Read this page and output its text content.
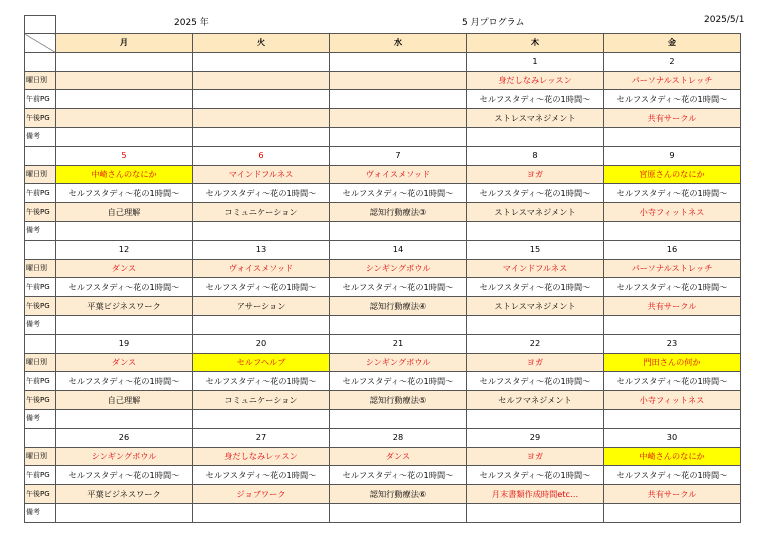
2025 年	5 月プログラム	2025/5/1

	月	火	水	木	金
				1	2
曜日別				身だしなみレッスン	パーソナルストレッチ
午前PG				セルフスタディ～花の1時間～	セルフスタディ～花の1時間～
午後PG				ストレスマネジメント	共有サークル
備考					
	5	6	7	8	9
曜日別	中崎さんのなにか	マインドフルネス	ヴォイスメソッド	ヨガ	宮原さんのなにか
午前PG	セルフスタディ～花の1時間～	セルフスタディ～花の1時間～	セルフスタディ～花の1時間～	セルフスタディ～花の1時間～	セルフスタディ～花の1時間～
午後PG	自己理解	コミュニケーション	認知行動療法③	ストレスマネジメント	小寺フィットネス
備考					
	12	13	14	15	16
曜日別	ダンス	ヴォイスメソッド	シンギングボウル	マインドフルネス	パーソナルストレッチ
午前PG	セルフスタディ～花の1時間～	セルフスタディ～花の1時間～	セルフスタディ～花の1時間～	セルフスタディ～花の1時間～	セルフスタディ～花の1時間～
午後PG	平葉ビジネスワーク	アサーション	認知行動療法④	ストレスマネジメント	共有サークル
備考					
	19	20	21	22	23
曜日別	ダンス	セルフヘルプ	シンギングボウル	ヨガ	門田さんの何か
午前PG	セルフスタディ～花の1時間～	セルフスタディ～花の1時間～	セルフスタディ～花の1時間～	セルフスタディ～花の1時間～	セルフスタディ～花の1時間～
午後PG	自己理解	コミュニケーション	認知行動療法⑤	セルフマネジメント	小寺フィットネス
備考					
	26	27	28	29	30
曜日別	シンギングボウル	身だしなみレッスン	ダンス	ヨガ	中崎さんのなにか
午前PG	セルフスタディ～花の1時間～	セルフスタディ～花の1時間～	セルフスタディ～花の1時間～	セルフスタディ～花の1時間～	セルフスタディ～花の1時間～
午後PG	平葉ビジネスワーク	ジョブワーク	認知行動療法⑥	月末書類作成時間etc…	共有サークル
備考					
